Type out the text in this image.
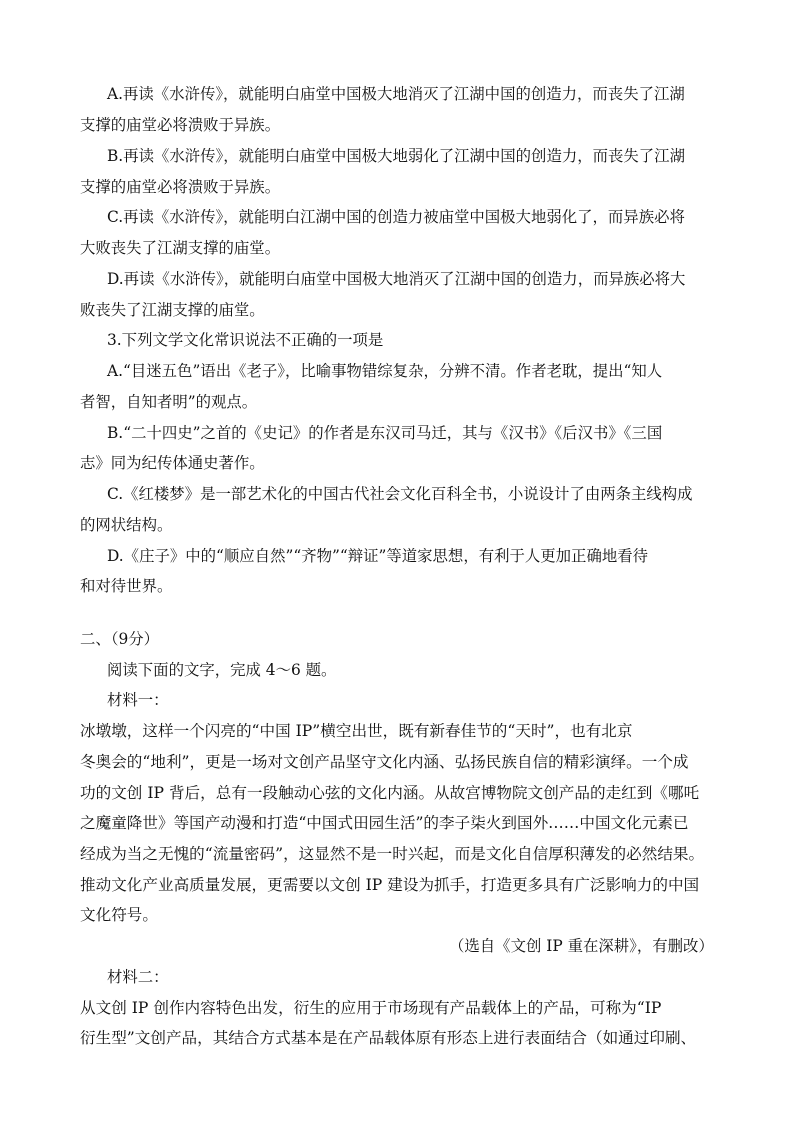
A.再读《水浒传》，就能明白庙堂中国极大地消灭了江湖中国的创造力，而丧失了江湖
支撑的庙堂必将溃败于异族。
B.再读《水浒传》，就能明白庙堂中国极大地弱化了江湖中国的创造力，而丧失了江湖
支撑的庙堂必将溃败于异族。
C.再读《水浒传》，就能明白江湖中国的创造力被庙堂中国极大地弱化了，而异族必将
大败丧失了江湖支撑的庙堂。
D.再读《水浒传》，就能明白庙堂中国极大地消灭了江湖中国的创造力，而异族必将大
败丧失了江湖支撑的庙堂。
3.下列文学文化常识说法不正确的一项是
A.“目迷五色”语出《老子》，比喻事物错综复杂，分辨不清。作者老耽，提出“知人
者智，自知者明”的观点。
B.“二十四史”之首的《史记》的作者是东汉司马迁，其与《汉书》《后汉书》《三国
志》同为纪传体通史著作。
C.《红楼梦》是一部艺术化的中国古代社会文化百科全书，小说设计了由两条主线构成
的网状结构。
D.《庄子》中的“顺应自然”“齐物”“辩证”等道家思想，有利于人更加正确地看待
和对待世界。
二、（9分）
阅读下面的文字，完成 4～6 题。
材料一：
冰墩墩，这样一个闪亮的“中国 IP”横空出世，既有新春佳节的“天时”，也有北京
冬奥会的“地利”，更是一场对文创产品坚守文化内涵、弘扬民族自信的精彩演绎。一个成
功的文创 IP 背后，总有一段触动心弦的文化内涵。从故宫博物院文创产品的走红到《哪吒
之魔童降世》等国产动漫和打造“中国式田园生活”的李子柒火到国外……中国文化元素已
经成为当之无愧的“流量密码”，这显然不是一时兴起，而是文化自信厚积薄发的必然结果。
推动文化产业高质量发展，更需要以文创 IP 建设为抓手，打造更多具有广泛影响力的中国
文化符号。
（选自《文创 IP 重在深耕》，有删改）
材料二：
从文创 IP 创作内容特色出发，衍生的应用于市场现有产品载体上的产品，可称为“IP
衍生型”文创产品，其结合方式基本是在产品载体原有形态上进行表面结合（如通过印刷、
